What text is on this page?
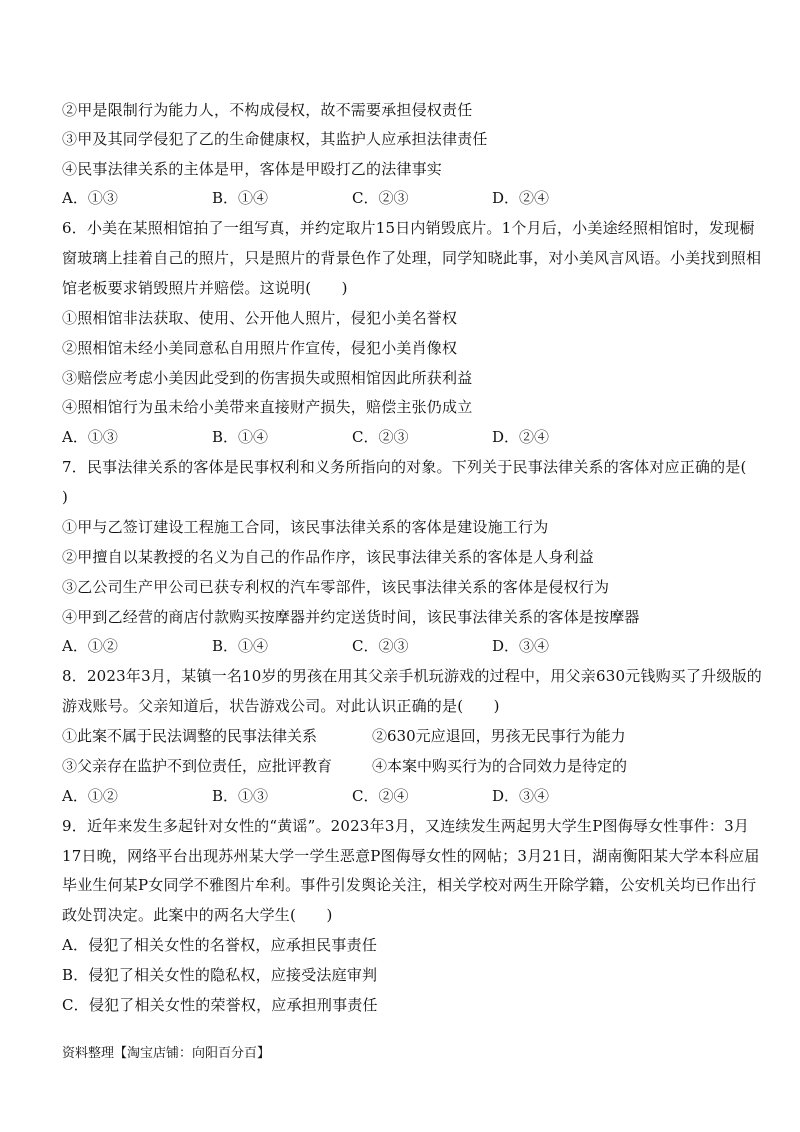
②甲是限制行为能力人，不构成侵权，故不需要承担侵权责任
③甲及其同学侵犯了乙的生命健康权，其监护人应承担法律责任
④民事法律关系的主体是甲，客体是甲殴打乙的法律事实
A．①③	B．①④	C．②③	D．②④
6．小美在某照相馆拍了一组写真，并约定取片15日内销毁底片。1个月后，小美途经照相馆时，发现橱
窗玻璃上挂着自己的照片，只是照片的背景色作了处理，同学知晓此事，对小美风言风语。小美找到照相
馆老板要求销毁照片并赔偿。这说明(　　)
①照相馆非法获取、使用、公开他人照片，侵犯小美名誉权
②照相馆未经小美同意私自用照片作宣传，侵犯小美肖像权
③赔偿应考虑小美因此受到的伤害损失或照相馆因此所获利益
④照相馆行为虽未给小美带来直接财产损失，赔偿主张仍成立
A．①③	B．①④	C．②③	D．②④
7．民事法律关系的客体是民事权利和义务所指向的对象。下列关于民事法律关系的客体对应正确的是(
)
①甲与乙签订建设工程施工合同，该民事法律关系的客体是建设施工行为
②甲擅自以某教授的名义为自己的作品作序，该民事法律关系的客体是人身利益
③乙公司生产甲公司已获专利权的汽车零部件，该民事法律关系的客体是侵权行为
④甲到乙经营的商店付款购买按摩器并约定送货时间，该民事法律关系的客体是按摩器
A．①②	B．①④	C．②③	D．③④
8．2023年3月，某镇一名10岁的男孩在用其父亲手机玩游戏的过程中，用父亲630元钱购买了升级版的
游戏账号。父亲知道后，状告游戏公司。对此认识正确的是(　　)
①此案不属于民法调整的民事法律关系	②630元应退回，男孩无民事行为能力
③父亲存在监护不到位责任，应批评教育	④本案中购买行为的合同效力是待定的
A．①②	B．①③	C．②④	D．③④
9．近年来发生多起针对女性的“黄谣”。2023年3月，又连续发生两起男大学生P图侮辱女性事件：3月
17日晚，网络平台出现苏州某大学一学生恶意P图侮辱女性的网帖；3月21日，湖南衡阳某大学本科应届
毕业生何某P女同学不雅图片牟利。事件引发舆论关注，相关学校对两生开除学籍，公安机关均已作出行
政处罚决定。此案中的两名大学生(　　)
A．侵犯了相关女性的名誉权，应承担民事责任
B．侵犯了相关女性的隐私权，应接受法庭审判
C．侵犯了相关女性的荣誉权，应承担刑事责任
资料整理【淘宝店铺：向阳百分百】
